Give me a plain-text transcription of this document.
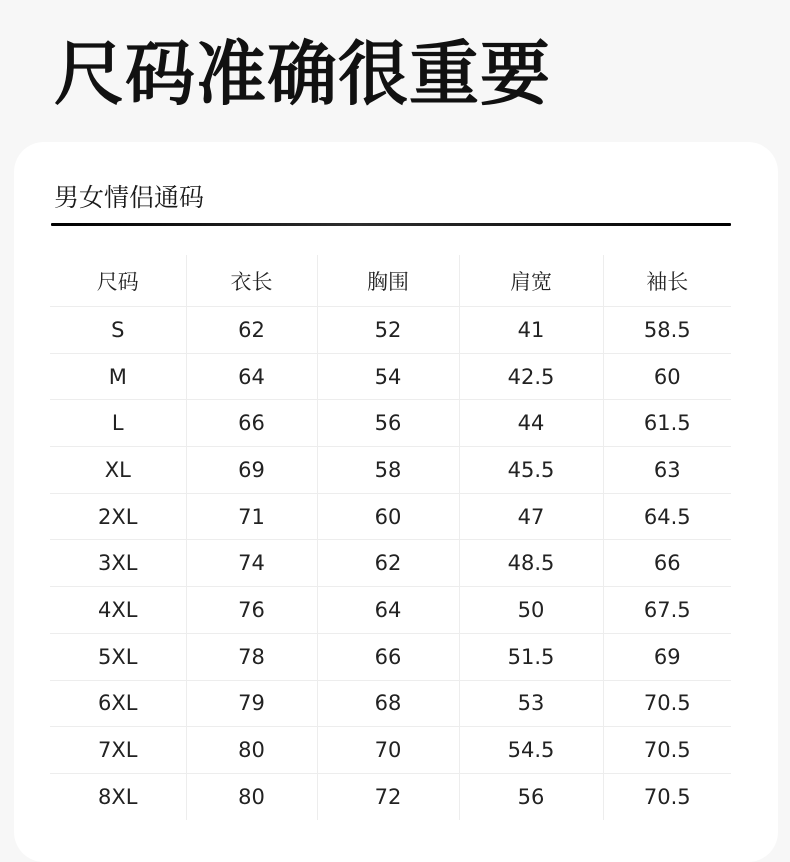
尺码准确很重要
男女情侣通码
尺码	衣长	胸围	肩宽	袖长
S	62	52	41	58.5
M	64	54	42.5	60
L	66	56	44	61.5
XL	69	58	45.5	63
2XL	71	60	47	64.5
3XL	74	62	48.5	66
4XL	76	64	50	67.5
5XL	78	66	51.5	69
6XL	79	68	53	70.5
7XL	80	70	54.5	70.5
8XL	80	72	56	70.5
